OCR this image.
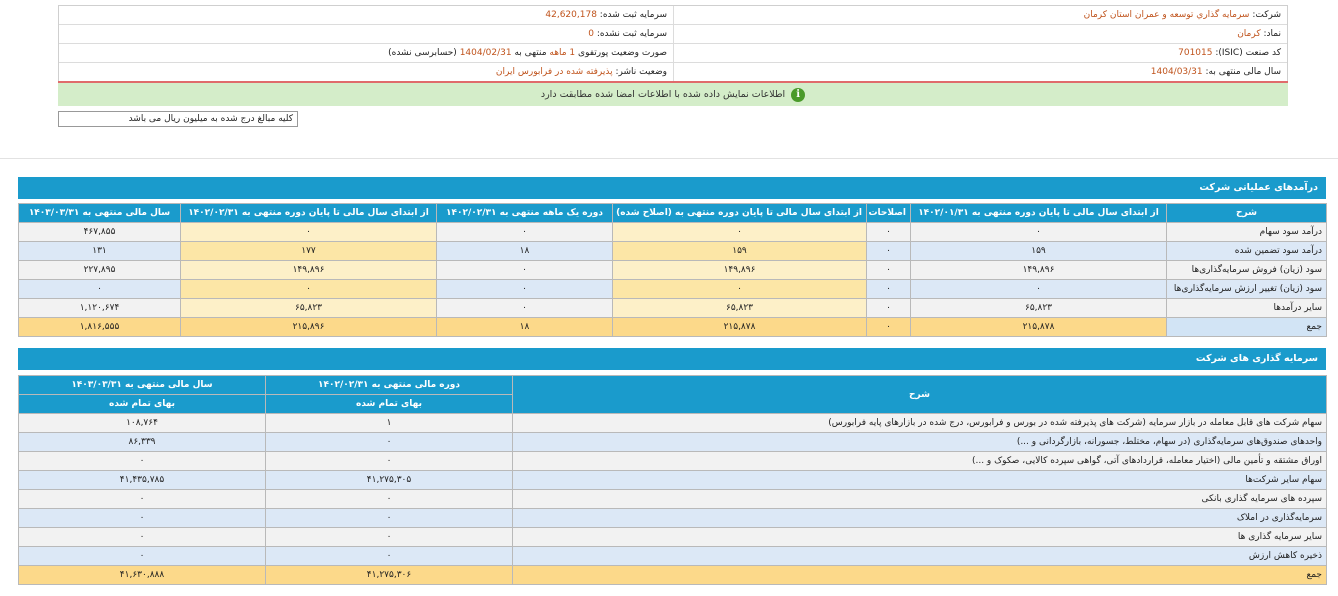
شرکت: سرمايه گذاري توسعه و عمران استان كرمان
سرمایه ثبت شده: 42,620,178
نماد: کرمان
سرمایه ثبت نشده: 0
کد صنعت (ISIC): 701015
صورت وضعیت پورتفوی 1 ماهه منتهی به 1404/02/31 (حسابرسی نشده)
سال مالی منتهی به: 1404/03/31
وضعیت ناشر: پذیرفته شده در فرابورس ایران
i
اطلاعات نمایش داده شده با اطلاعات امضا شده مطابقت دارد
کلیه مبالغ درج شده به میلیون ریال می باشد
درآمدهای عملیاتی شرکت
شرح	از ابتدای سال مالی تا پایان دوره منتهی به ۱۴۰۲/۰۱/۳۱	اصلاحات	از ابتدای سال مالی تا پایان دوره منتهی به (اصلاح شده)	دوره یک ماهه منتهی به ۱۴۰۲/۰۲/۳۱	از ابتدای سال مالی تا پایان دوره منتهی به ۱۴۰۲/۰۲/۳۱	سال مالی منتهی به ۱۴۰۳/۰۳/۳۱
درآمد سود سهام	۰	۰	۰	۰	۰	۴۶۷,۸۵۵
درآمد سود تضمین شده	۱۵۹	۰	۱۵۹	۱۸	۱۷۷	۱۳۱
سود (زیان) فروش سرمایه‌گذاری‌ها	۱۴۹,۸۹۶	۰	۱۴۹,۸۹۶	۰	۱۴۹,۸۹۶	۲۲۷,۸۹۵
سود (زیان) تغییر ارزش سرمایه‌گذاری‌ها	۰	۰	۰	۰	۰	۰
سایر درآمدها	۶۵,۸۲۳	۰	۶۵,۸۲۳	۰	۶۵,۸۲۳	۱,۱۲۰,۶۷۴
جمع	۲۱۵,۸۷۸	۰	۲۱۵,۸۷۸	۱۸	۲۱۵,۸۹۶	۱,۸۱۶,۵۵۵
سرمایه گذاری های شرکت
شرح	دوره مالی منتهی به ۱۴۰۲/۰۲/۳۱	سال مالی منتهی به ۱۴۰۳/۰۳/۳۱
	بهای تمام شده	بهای تمام شده
سهام شرکت های قابل معامله در بازار سرمایه (شرکت های پذیرفته شده در بورس و فرابورس، درج شده در بازارهای پایه فرابورس)	۱	۱۰۸,۷۶۴
واحدهای صندوق‌های سرمایه‌گذاری (در سهام، مختلط، جسورانه، بازارگردانی و ...)	۰	۸۶,۳۳۹
اوراق مشتقه و تأمین مالی (اختیار معامله، قراردادهای آتی، گواهی سپرده کالایی، صکوک و ...)	۰	۰
سهام سایر شرکت‌ها	۴۱,۲۷۵,۳۰۵	۴۱,۴۳۵,۷۸۵
سپرده های سرمایه گذاری بانکی	۰	۰
سرمایه‌گذاری در املاک	۰	۰
سایر سرمایه گذاری ها	۰	۰
ذخیره کاهش ارزش	۰	۰
جمع	۴۱,۲۷۵,۳۰۶	۴۱,۶۳۰,۸۸۸
